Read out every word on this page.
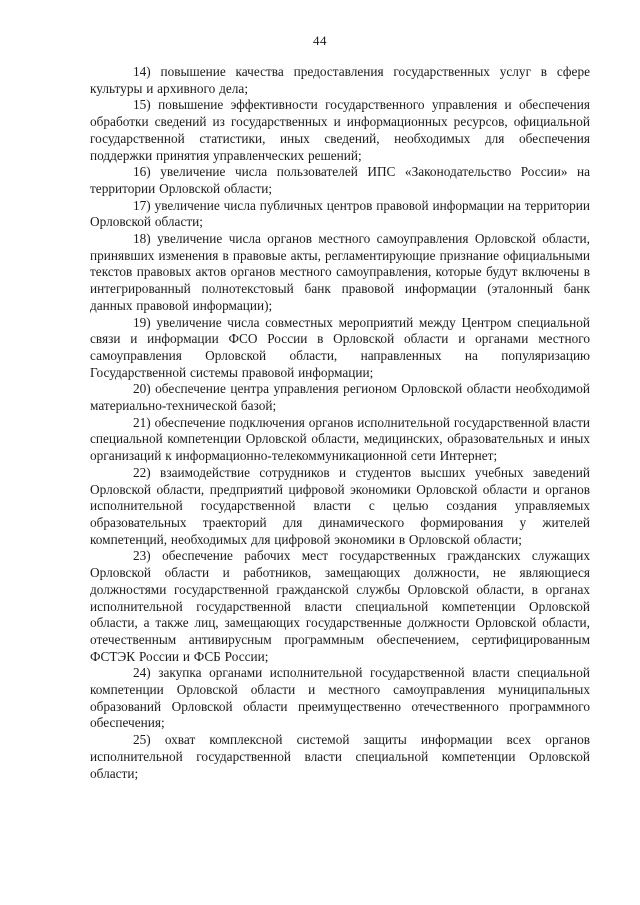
44

14) повышение качества предоставления государственных услуг в сфере культуры и архивного дела;

15) повышение эффективности государственного управления и обеспечения обработки сведений из государственных и информационных ресурсов, официальной государственной статистики, иных сведений, необходимых для обеспечения поддержки принятия управленческих решений;

16) увеличение числа пользователей ИПС «Законодательство России» на территории Орловской области;

17) увеличение числа публичных центров правовой информации на территории Орловской области;

18) увеличение числа органов местного самоуправления Орловской области, принявших изменения в правовые акты, регламентирующие признание официальными текстов правовых актов органов местного самоуправления, которые будут включены в интегрированный полнотекстовый банк правовой информации (эталонный банк данных правовой информации);

19) увеличение числа совместных мероприятий между Центром специальной связи и информации ФСО России в Орловской области и органами местного самоуправления Орловской области, направленных на популяризацию Государственной системы правовой информации;

20) обеспечение центра управления регионом Орловской области необходимой материально-технической базой;

21) обеспечение подключения органов исполнительной государственной власти специальной компетенции Орловской области, медицинских, образовательных и иных организаций к информационно-телекоммуникационной сети Интернет;

22) взаимодействие сотрудников и студентов высших учебных заведений Орловской области, предприятий цифровой экономики Орловской области и органов исполнительной государственной власти с целью создания управляемых образовательных траекторий для динамического формирования у жителей компетенций, необходимых для цифровой экономики в Орловской области;

23) обеспечение рабочих мест государственных гражданских служащих Орловской области и работников, замещающих должности, не являющиеся должностями государственной гражданской службы Орловской области, в органах исполнительной государственной власти специальной компетенции Орловской области, а также лиц, замещающих государственные должности Орловской области, отечественным антивирусным программным обеспечением, сертифицированным ФСТЭК России и ФСБ России;

24) закупка органами исполнительной государственной власти специальной компетенции Орловской области и местного самоуправления муниципальных образований Орловской области преимущественно отечественного программного обеспечения;

25) охват комплексной системой защиты информации всех органов исполнительной государственной власти специальной компетенции Орловской области;
